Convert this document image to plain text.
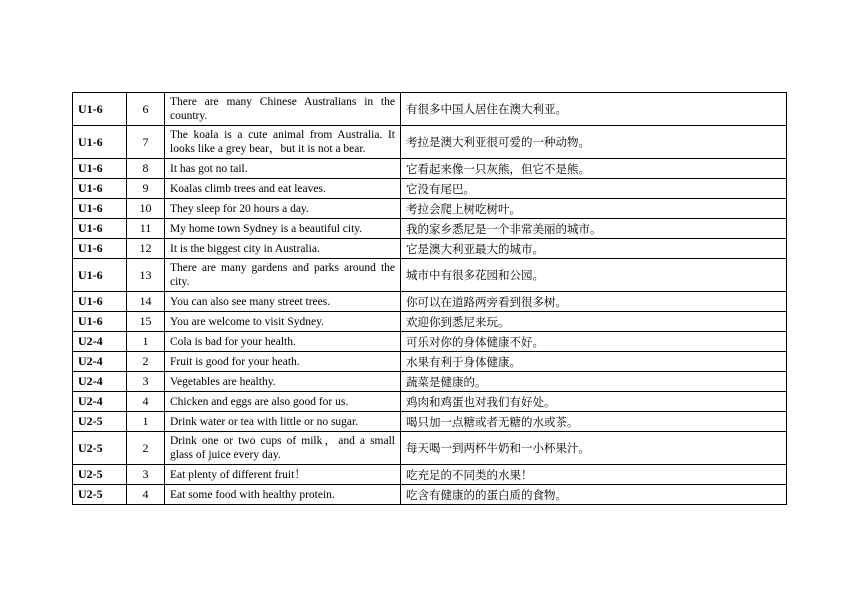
U1-6	6	There are many Chinese Australians in the country.	有很多中国人居住在澳大利亚。
U1-6	7	The koala is a cute animal from Australia. It looks like a grey bear，but it is not a bear.	考拉是澳大利亚很可爱的一种动物。
U1-6	8	It has got no tail.	它看起来像一只灰熊，但它不是熊。
U1-6	9	Koalas climb trees and eat leaves.	它没有尾巴。
U1-6	10	They sleep for 20 hours a day.	考拉会爬上树吃树叶。
U1-6	11	My home town Sydney is a beautiful city.	我的家乡悉尼是一个非常美丽的城市。
U1-6	12	It is the biggest city in Australia.	它是澳大利亚最大的城市。
U1-6	13	There are many gardens and parks around the city.	城市中有很多花园和公园。
U1-6	14	You can also see many street trees.	你可以在道路两旁看到很多树。
U1-6	15	You are welcome to visit Sydney.	欢迎你到悉尼来玩。
U2-4	1	Cola is bad for your health.	可乐对你的身体健康不好。
U2-4	2	Fruit is good for your heath.	水果有利于身体健康。
U2-4	3	Vegetables are healthy.	蔬菜是健康的。
U2-4	4	Chicken and eggs are also good for us.	鸡肉和鸡蛋也对我们有好处。
U2-5	1	Drink water or tea with little or no sugar.	喝只加一点糖或者无糖的水或茶。
U2-5	2	Drink one or two cups of milk，and a small glass of juice every day.	每天喝一到两杯牛奶和一小杯果汁。
U2-5	3	Eat plenty of different fruit！	吃充足的不同类的水果！
U2-5	4	Eat some food with healthy protein.	吃含有健康的的蛋白质的食物。
